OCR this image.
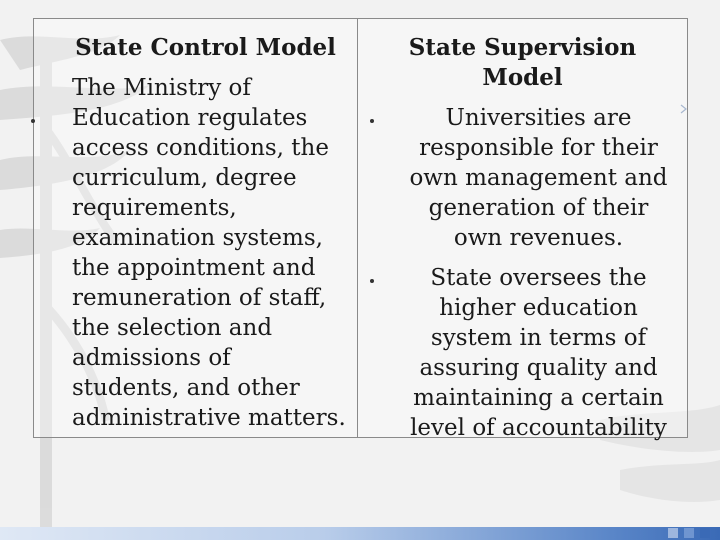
State Control Model

The Ministry of
Education regulates
access conditions, the
curriculum, degree
requirements,
examination systems,
the appointment and
remuneration of staff,
the selection and
admissions of
students, and other
administrative matters.

State Supervision Model

Universities are
responsible for their
own management and
generation of their
own revenues.

State oversees the
higher education
system in terms of
assuring quality and
maintaining a certain
level of accountability
